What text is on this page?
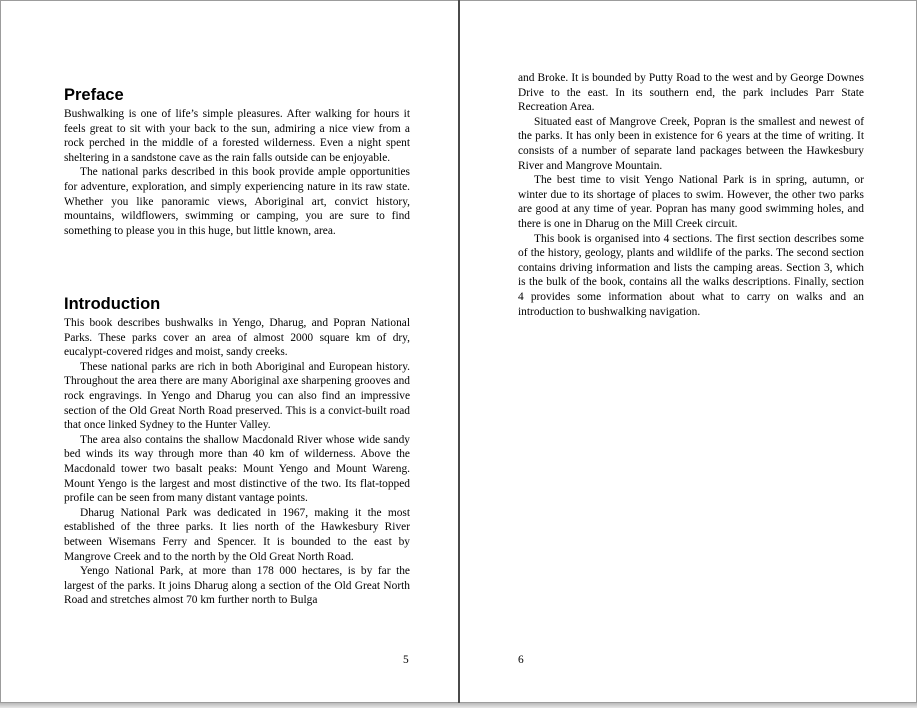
Preface

Bushwalking is one of life’s simple pleasures. After walking for hours it feels great to sit with your back to the sun, admiring a nice view from a rock perched in the middle of a forested wilderness. Even a night spent sheltering in a sandstone cave as the rain falls outside can be enjoyable.

The national parks described in this book provide ample opportunities for adventure, exploration, and simply experiencing nature in its raw state. Whether you like panoramic views, Aboriginal art, convict history, mountains, wildflowers, swimming or camping, you are sure to find something to please you in this huge, but little known, area.

Introduction

This book describes bushwalks in Yengo, Dharug, and Popran National Parks. These parks cover an area of almost 2000 square km of dry, eucalypt-covered ridges and moist, sandy creeks.

These national parks are rich in both Aboriginal and European history. Throughout the area there are many Aboriginal axe sharpening grooves and rock engravings. In Yengo and Dharug you can also find an impressive section of the Old Great North Road preserved. This is a convict-built road that once linked Sydney to the Hunter Valley.

The area also contains the shallow Macdonald River whose wide sandy bed winds its way through more than 40 km of wilderness. Above the Macdonald tower two basalt peaks: Mount Yengo and Mount Wareng. Mount Yengo is the largest and most distinctive of the two. Its flat-topped profile can be seen from many distant vantage points.

Dharug National Park was dedicated in 1967, making it the most established of the three parks. It lies north of the Hawkesbury River between Wisemans Ferry and Spencer. It is bounded to the east by Mangrove Creek and to the north by the Old Great North Road.

Yengo National Park, at more than 178 000 hectares, is by far the largest of the parks. It joins Dharug along a section of the Old Great North Road and stretches almost 70 km further north to Bulga

5

and Broke. It is bounded by Putty Road to the west and by George Downes Drive to the east. In its southern end, the park includes Parr State Recreation Area.

Situated east of Mangrove Creek, Popran is the smallest and newest of the parks. It has only been in existence for 6 years at the time of writing. It consists of a number of separate land packages between the Hawkesbury River and Mangrove Mountain.

The best time to visit Yengo National Park is in spring, autumn, or winter due to its shortage of places to swim. However, the other two parks are good at any time of year. Popran has many good swimming holes, and there is one in Dharug on the Mill Creek circuit.

This book is organised into 4 sections. The first section describes some of the history, geology, plants and wildlife of the parks. The second section contains driving information and lists the camping areas. Section 3, which is the bulk of the book, contains all the walks descriptions. Finally, section 4 provides some information about what to carry on walks and an introduction to bushwalking navigation.

6
